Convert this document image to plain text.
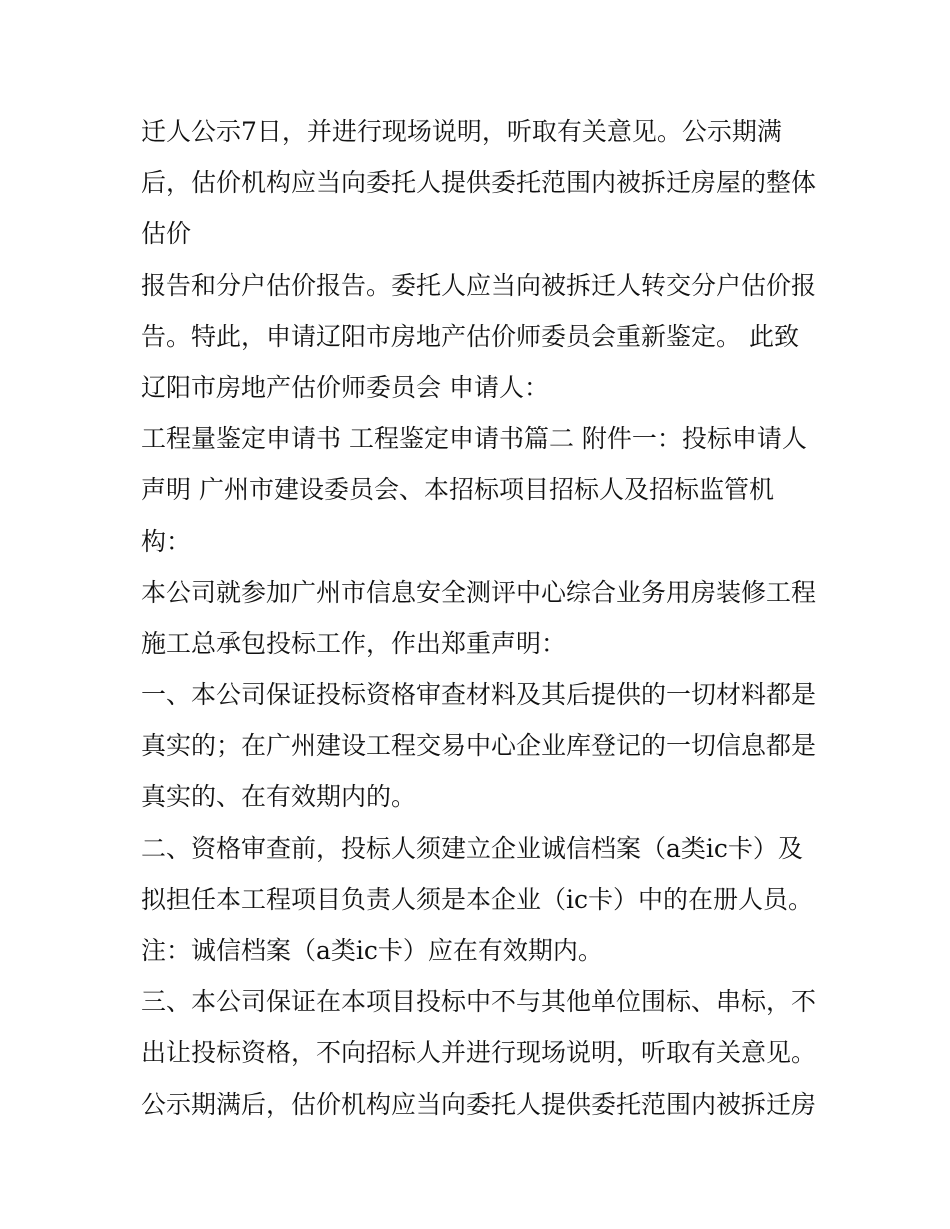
迁人公示7日，并进行现场说明，听取有关意见。公示期满
后，估价机构应当向委托人提供委托范围内被拆迁房屋的整体
估价
报告和分户估价报告。委托人应当向被拆迁人转交分户估价报
告。特此，申请辽阳市房地产估价师委员会重新鉴定。 此致
辽阳市房地产估价师委员会 申请人：
工程量鉴定申请书 工程鉴定申请书篇二 附件一：投标申请人
声明 广州市建设委员会、本招标项目招标人及招标监管机
构：
本公司就参加广州市信息安全测评中心综合业务用房装修工程
施工总承包投标工作，作出郑重声明：
一、本公司保证投标资格审查材料及其后提供的一切材料都是
真实的；在广州建设工程交易中心企业库登记的一切信息都是
真实的、在有效期内的。
二、资格审查前，投标人须建立企业诚信档案（a类ic卡）及
拟担任本工程项目负责人须是本企业（ic卡）中的在册人员。
注：诚信档案（a类ic卡）应在有效期内。
三、本公司保证在本项目投标中不与其他单位围标、串标，不
出让投标资格，不向招标人并进行现场说明，听取有关意见。
公示期满后，估价机构应当向委托人提供委托范围内被拆迁房
